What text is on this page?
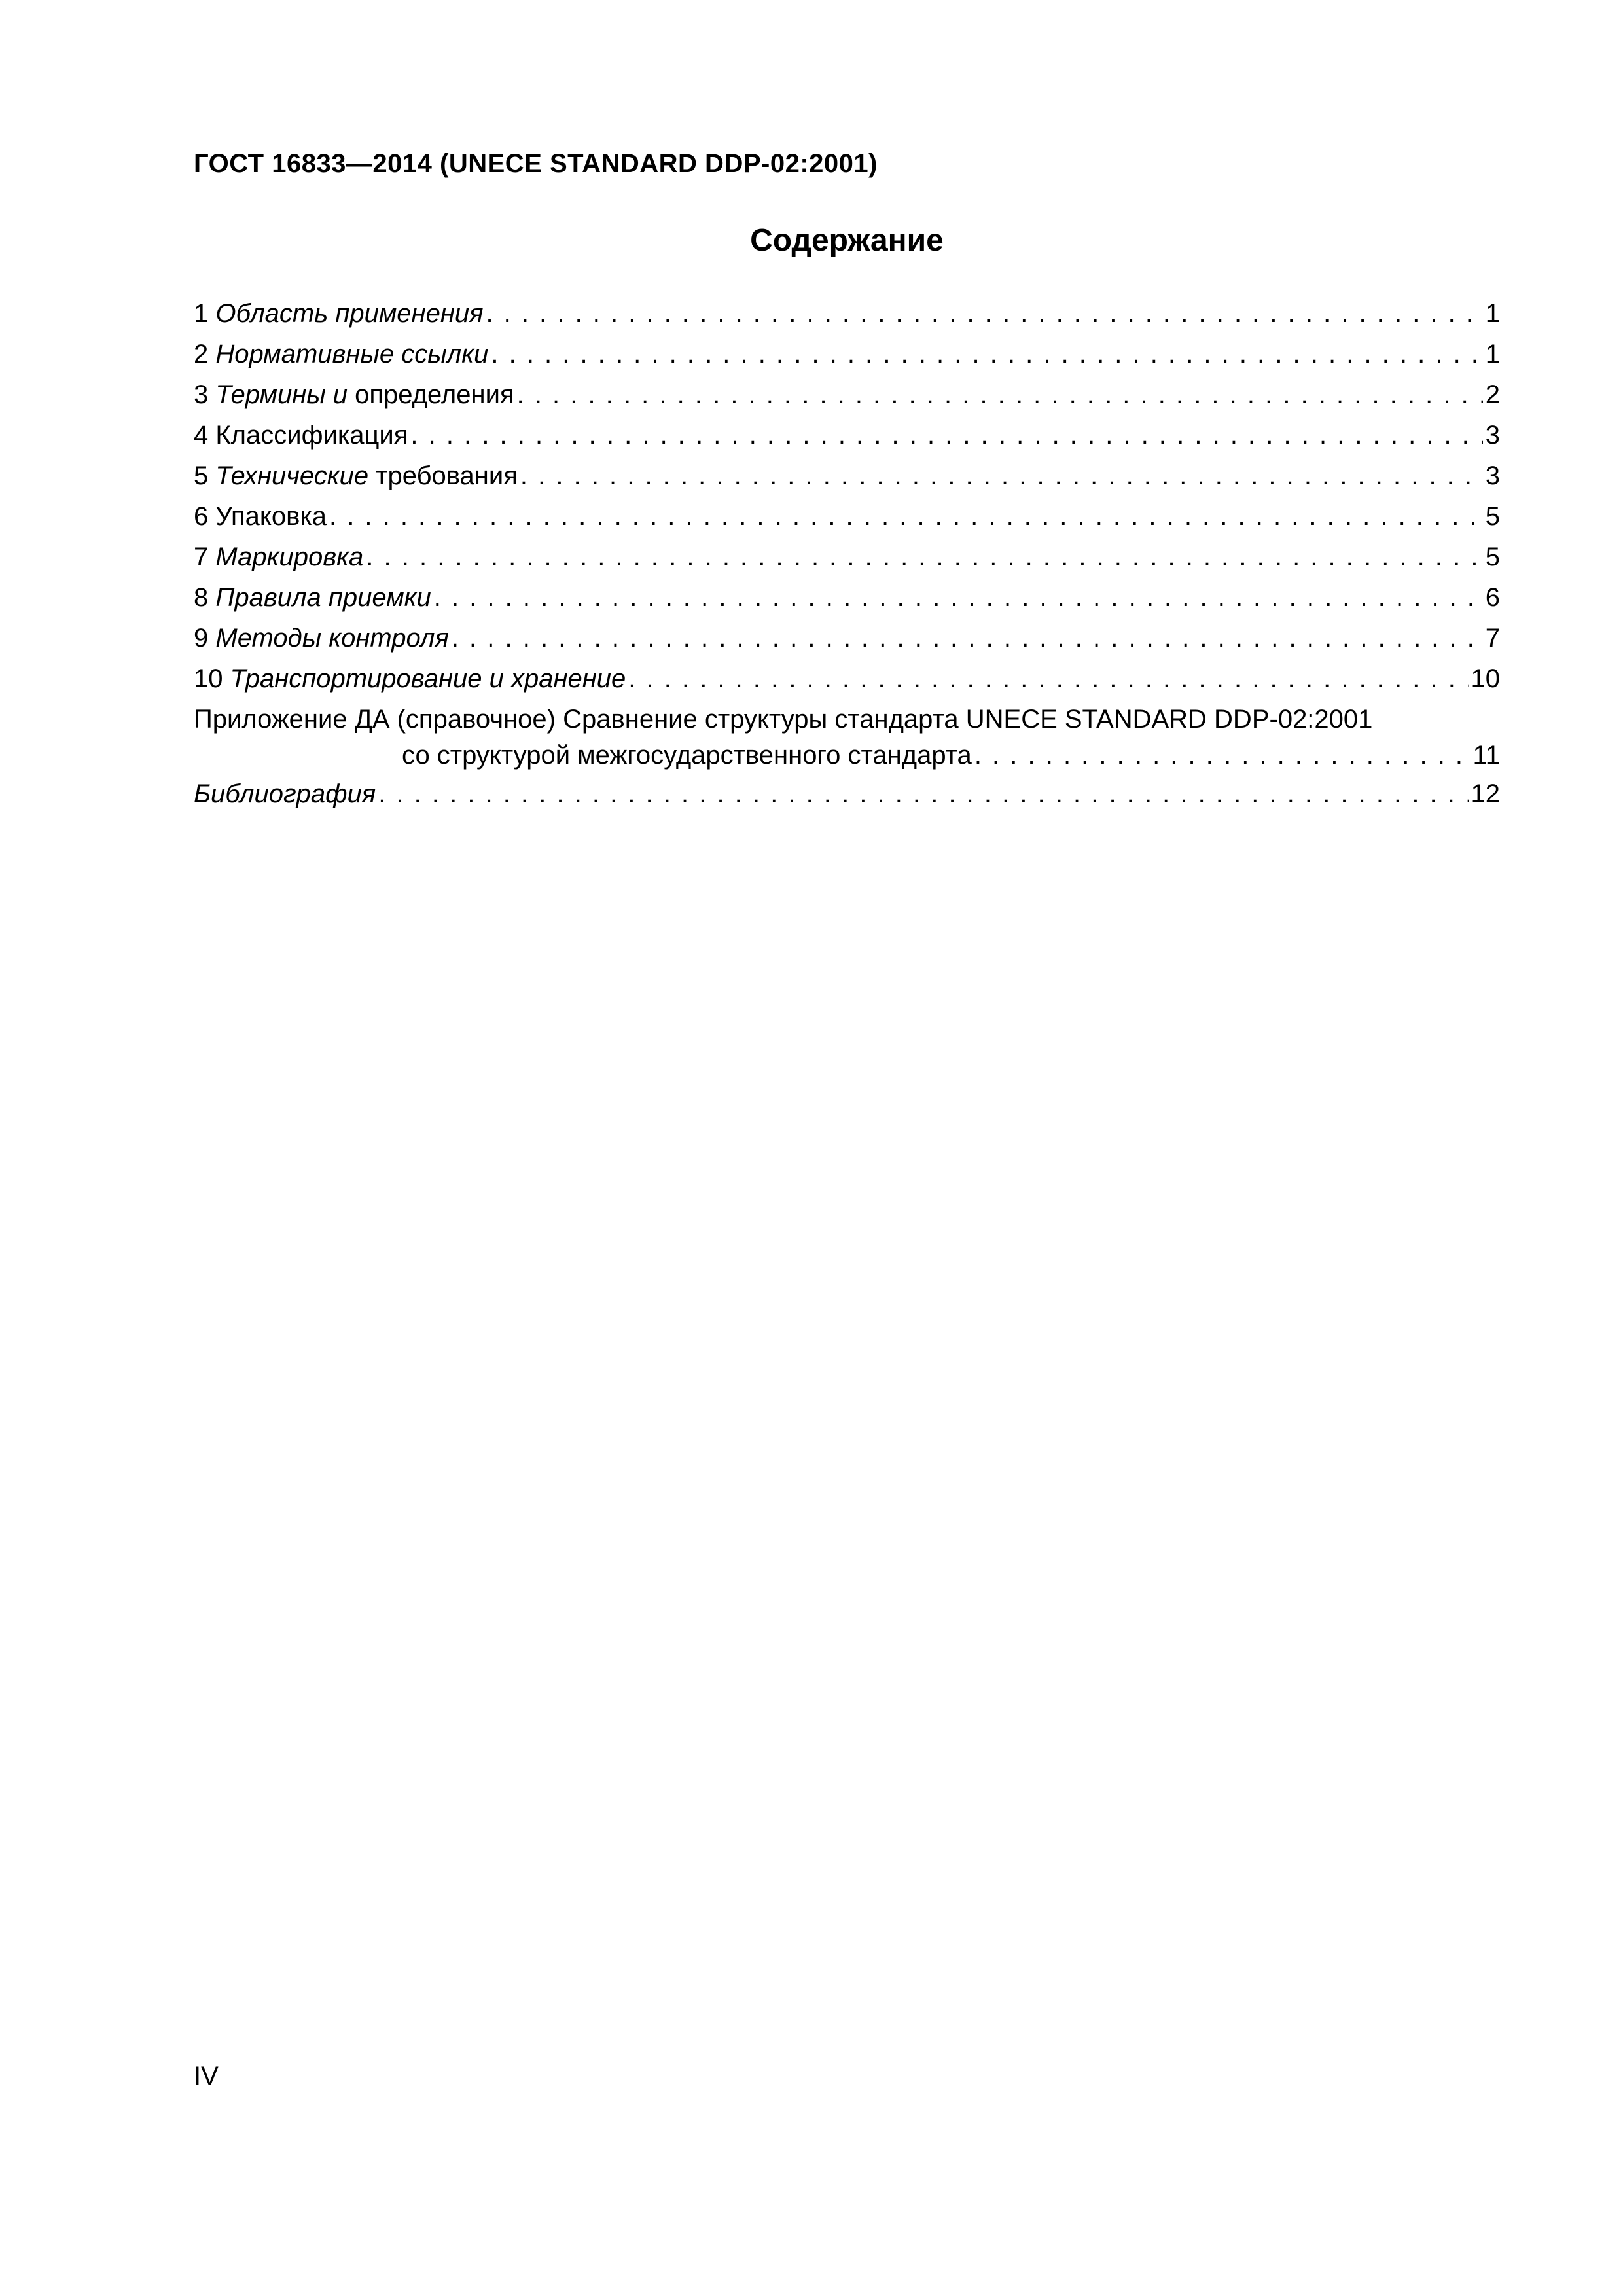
ГОСТ 16833—2014 (UNECE STANDARD DDP-02:2001)
Содержание
1 Область применения . . .	1
2 Нормативные ссылки . . .	1
3 Термины и определения . . .	2
4 Классификация . . .	3
5 Технические требования . . .	3
6 Упаковка . . .	5
7 Маркировка . . .	5
8 Правила приемки . . .	6
9 Методы контроля . . .	7
10 Транспортирование и хранение . . .	10
Приложение ДА (справочное) Сравнение структуры стандарта UNECE STANDARD DDP-02:2001
со структурой межгосударственного стандарта . . .	11
Библиография . . .	12
IV
